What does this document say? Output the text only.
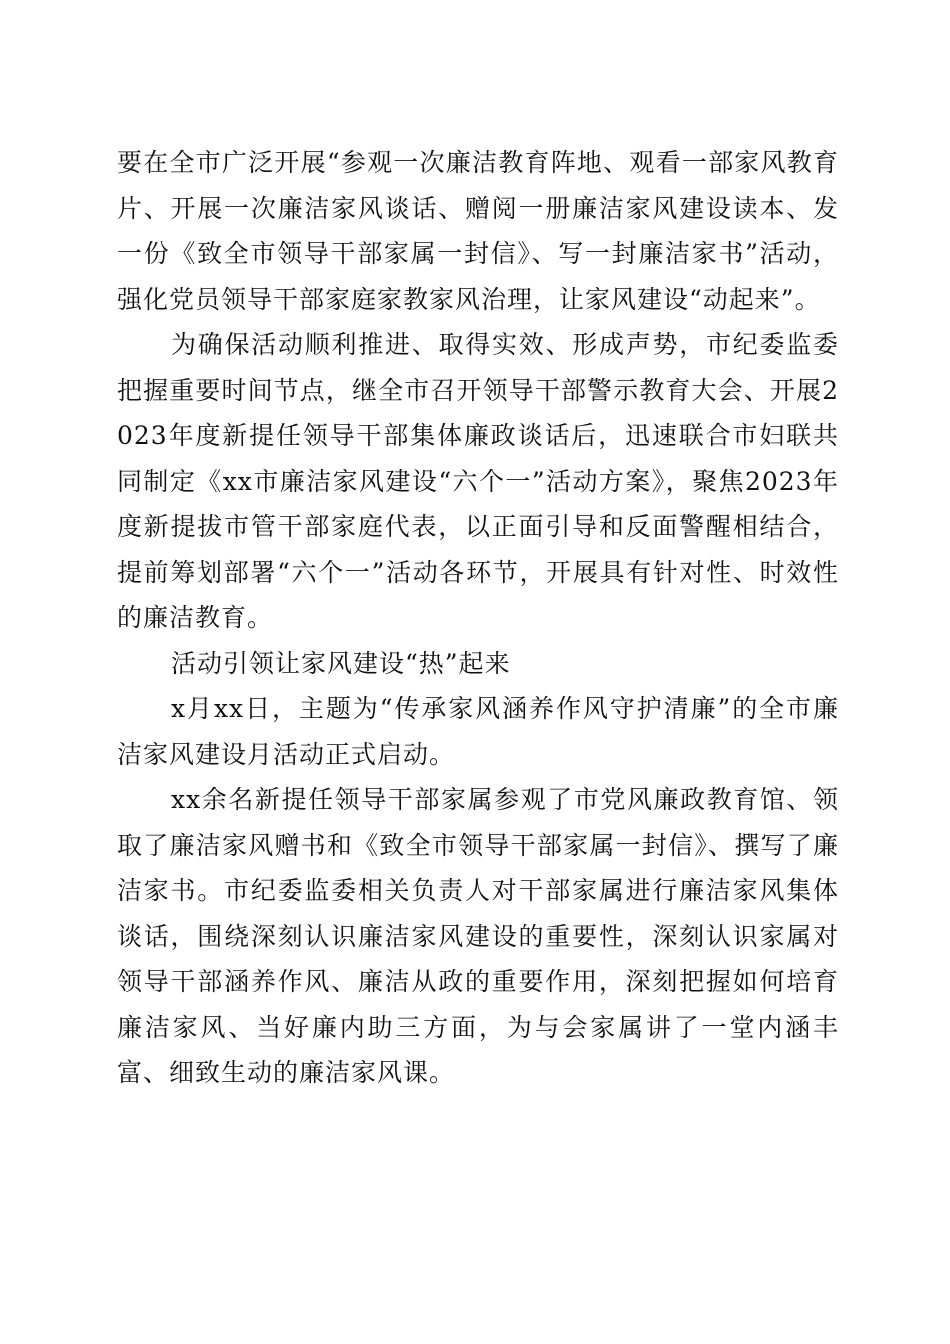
要在全市广泛开展“参观一次廉洁教育阵地、观看一部家风教育片、开展一次廉洁家风谈话、赠阅一册廉洁家风建设读本、发一份《致全市领导干部家属一封信》、写一封廉洁家书”活动，强化党员领导干部家庭家教家风治理，让家风建设“动起来”。

为确保活动顺利推进、取得实效、形成声势，市纪委监委把握重要时间节点，继全市召开领导干部警示教育大会、开展2023年度新提任领导干部集体廉政谈话后，迅速联合市妇联共同制定《xx市廉洁家风建设“六个一”活动方案》，聚焦2023年度新提拔市管干部家庭代表，以正面引导和反面警醒相结合，提前筹划部署“六个一”活动各环节，开展具有针对性、时效性的廉洁教育。

活动引领让家风建设“热”起来

x月xx日，主题为“传承家风涵养作风守护清廉”的全市廉洁家风建设月活动正式启动。

xx余名新提任领导干部家属参观了市党风廉政教育馆、领取了廉洁家风赠书和《致全市领导干部家属一封信》、撰写了廉洁家书。市纪委监委相关负责人对干部家属进行廉洁家风集体谈话，围绕深刻认识廉洁家风建设的重要性，深刻认识家属对领导干部涵养作风、廉洁从政的重要作用，深刻把握如何培育廉洁家风、当好廉内助三方面，为与会家属讲了一堂内涵丰富、细致生动的廉洁家风课。
